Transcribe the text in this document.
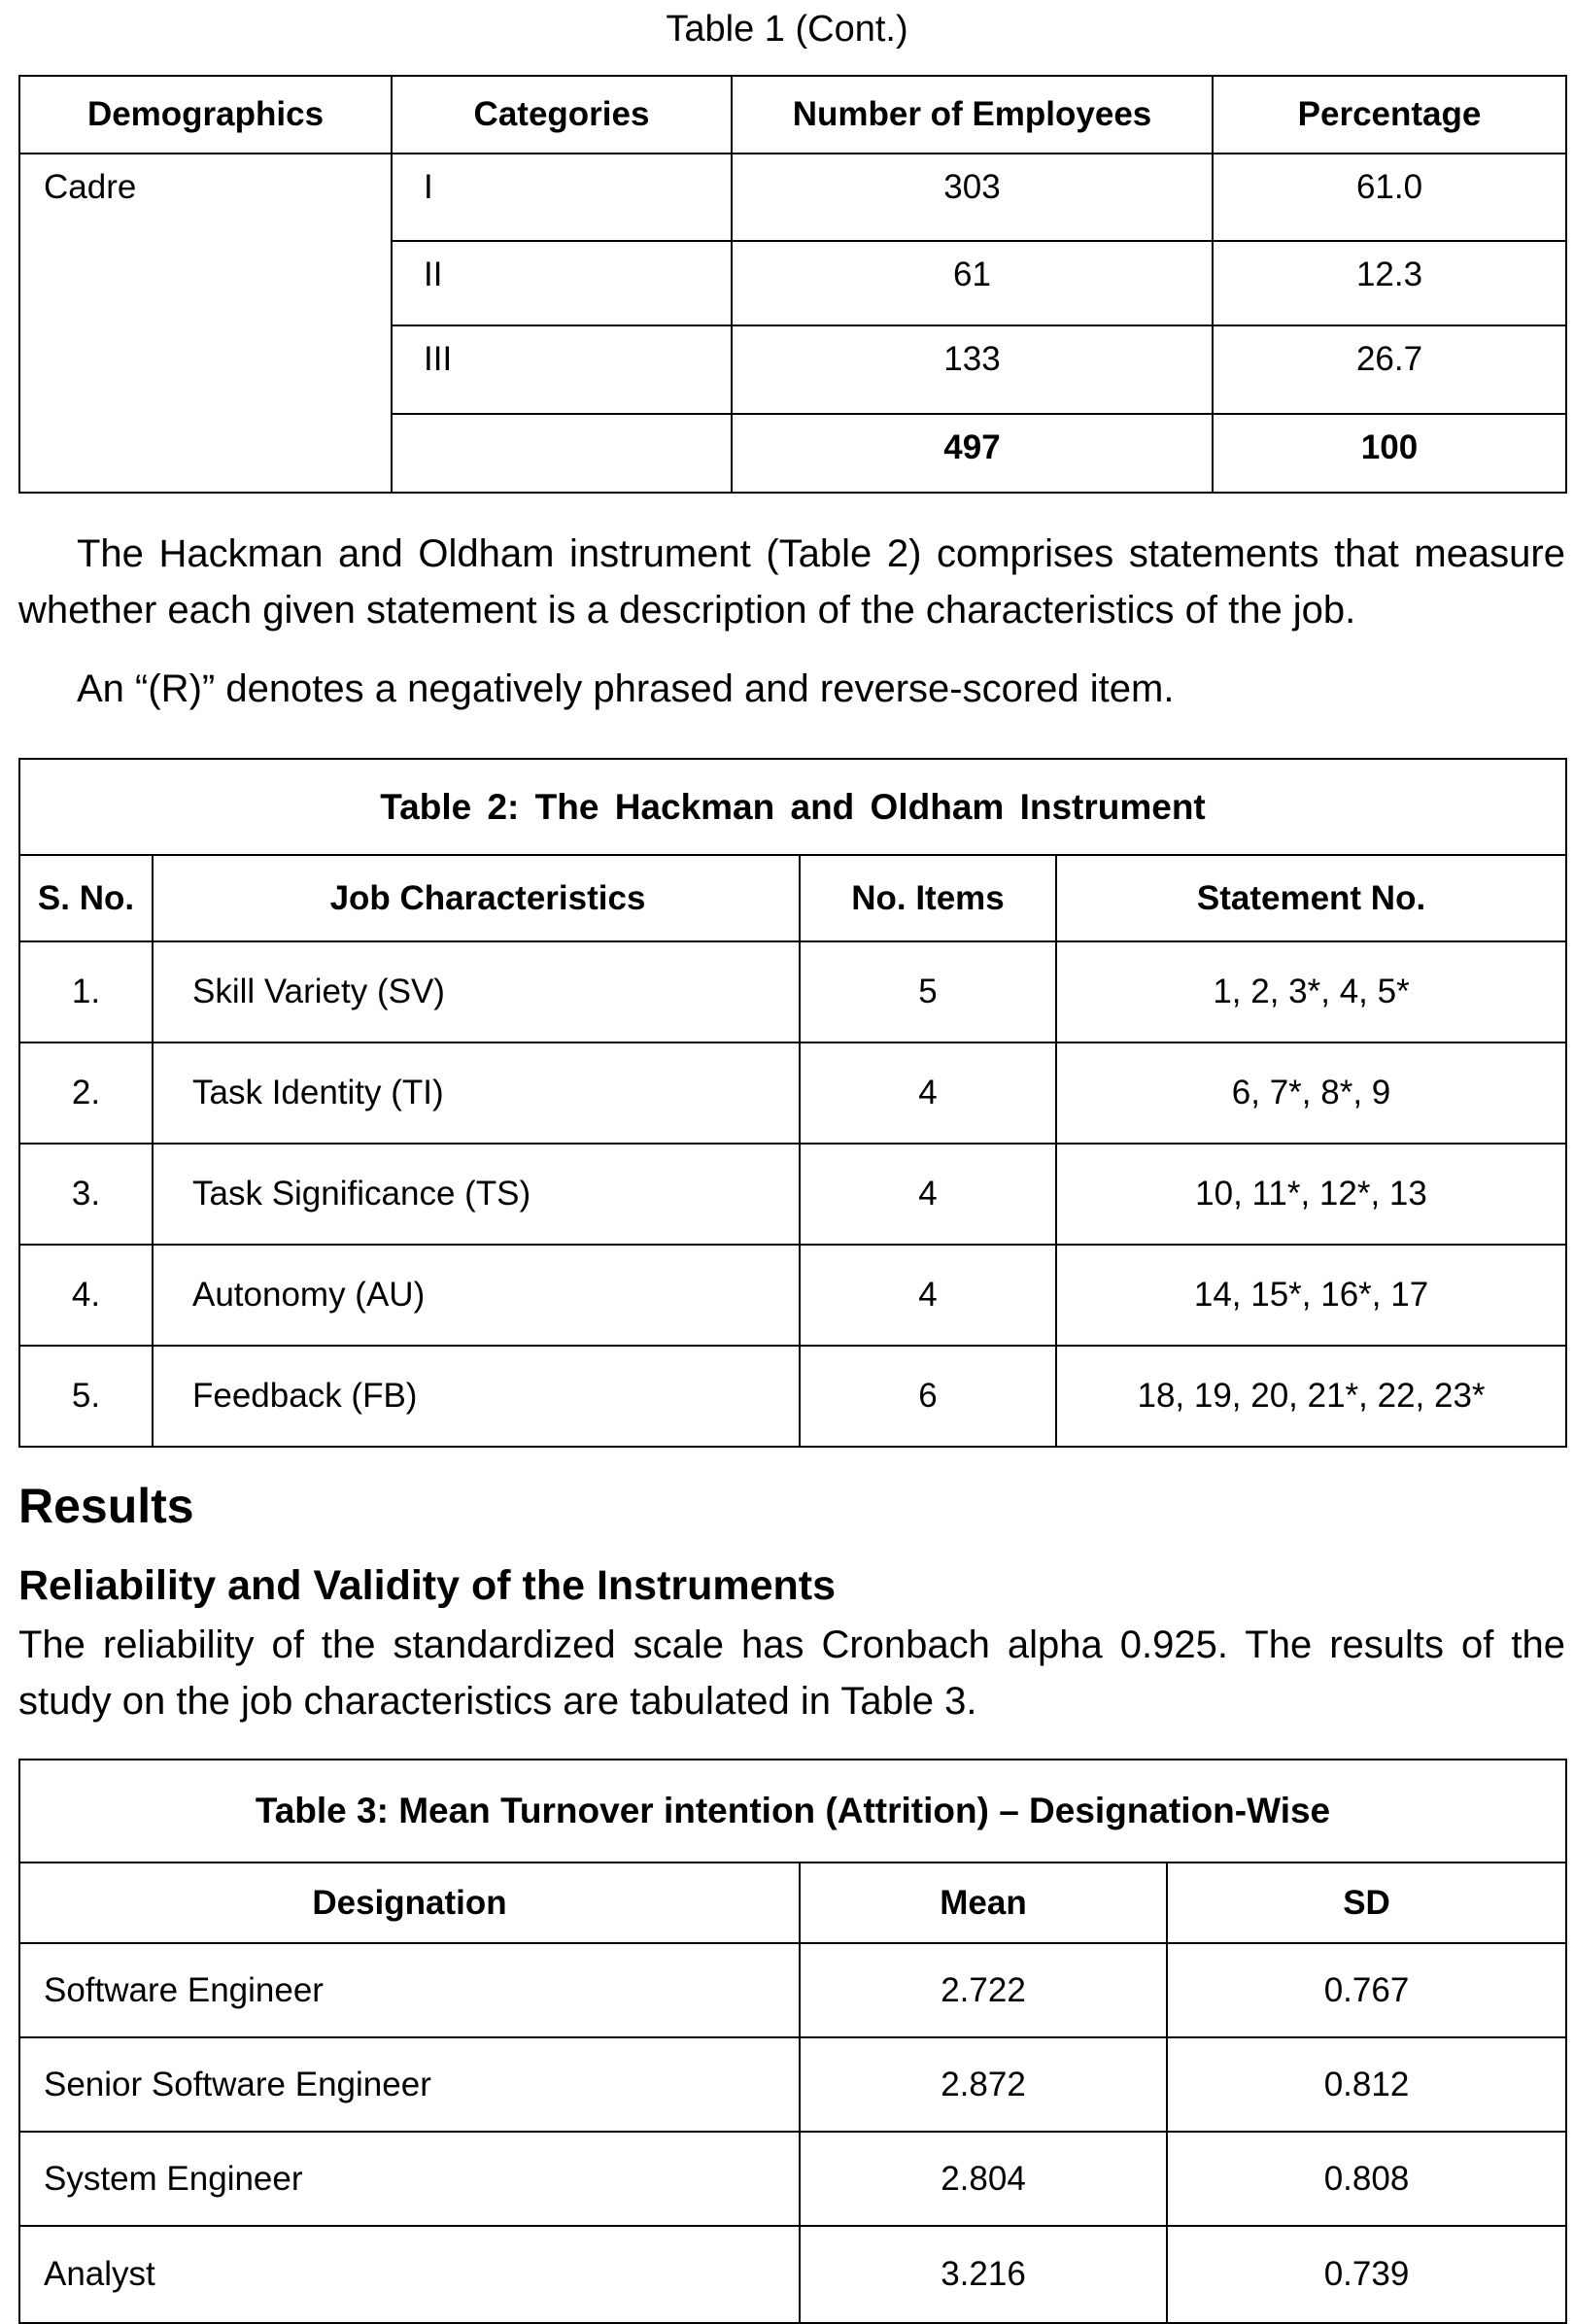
Table 1 (Cont.)
Demographics	Categories	Number of Employees	Percentage
Cadre	I	303	61.0
	II	61	12.3
	III	133	26.7
		497	100
The Hackman and Oldham instrument (Table 2) comprises statements that measure
whether each given statement is a description of the characteristics of the job.
An “(R)” denotes a negatively phrased and reverse-scored item.
Table 2: The Hackman and Oldham Instrument			
S. No.	Job Characteristics	No. Items	Statement No.
1.	Skill Variety (SV)	5	1, 2, 3*, 4, 5*
2.	Task Identity (TI)	4	6, 7*, 8*, 9
3.	Task Significance (TS)	4	10, 11*, 12*, 13
4.	Autonomy (AU)	4	14, 15*, 16*, 17
5.	Feedback (FB)	6	18, 19, 20, 21*, 22, 23*
Results
Reliability and Validity of the Instruments
The reliability of the standardized scale has Cronbach alpha 0.925. The results of the
study on the job characteristics are tabulated in Table 3.
Table 3: Mean Turnover intention (Attrition) – Designation-Wise		
Designation	Mean	SD
Software Engineer	2.722	0.767
Senior Software Engineer	2.872	0.812
System Engineer	2.804	0.808
Analyst	3.216	0.739
